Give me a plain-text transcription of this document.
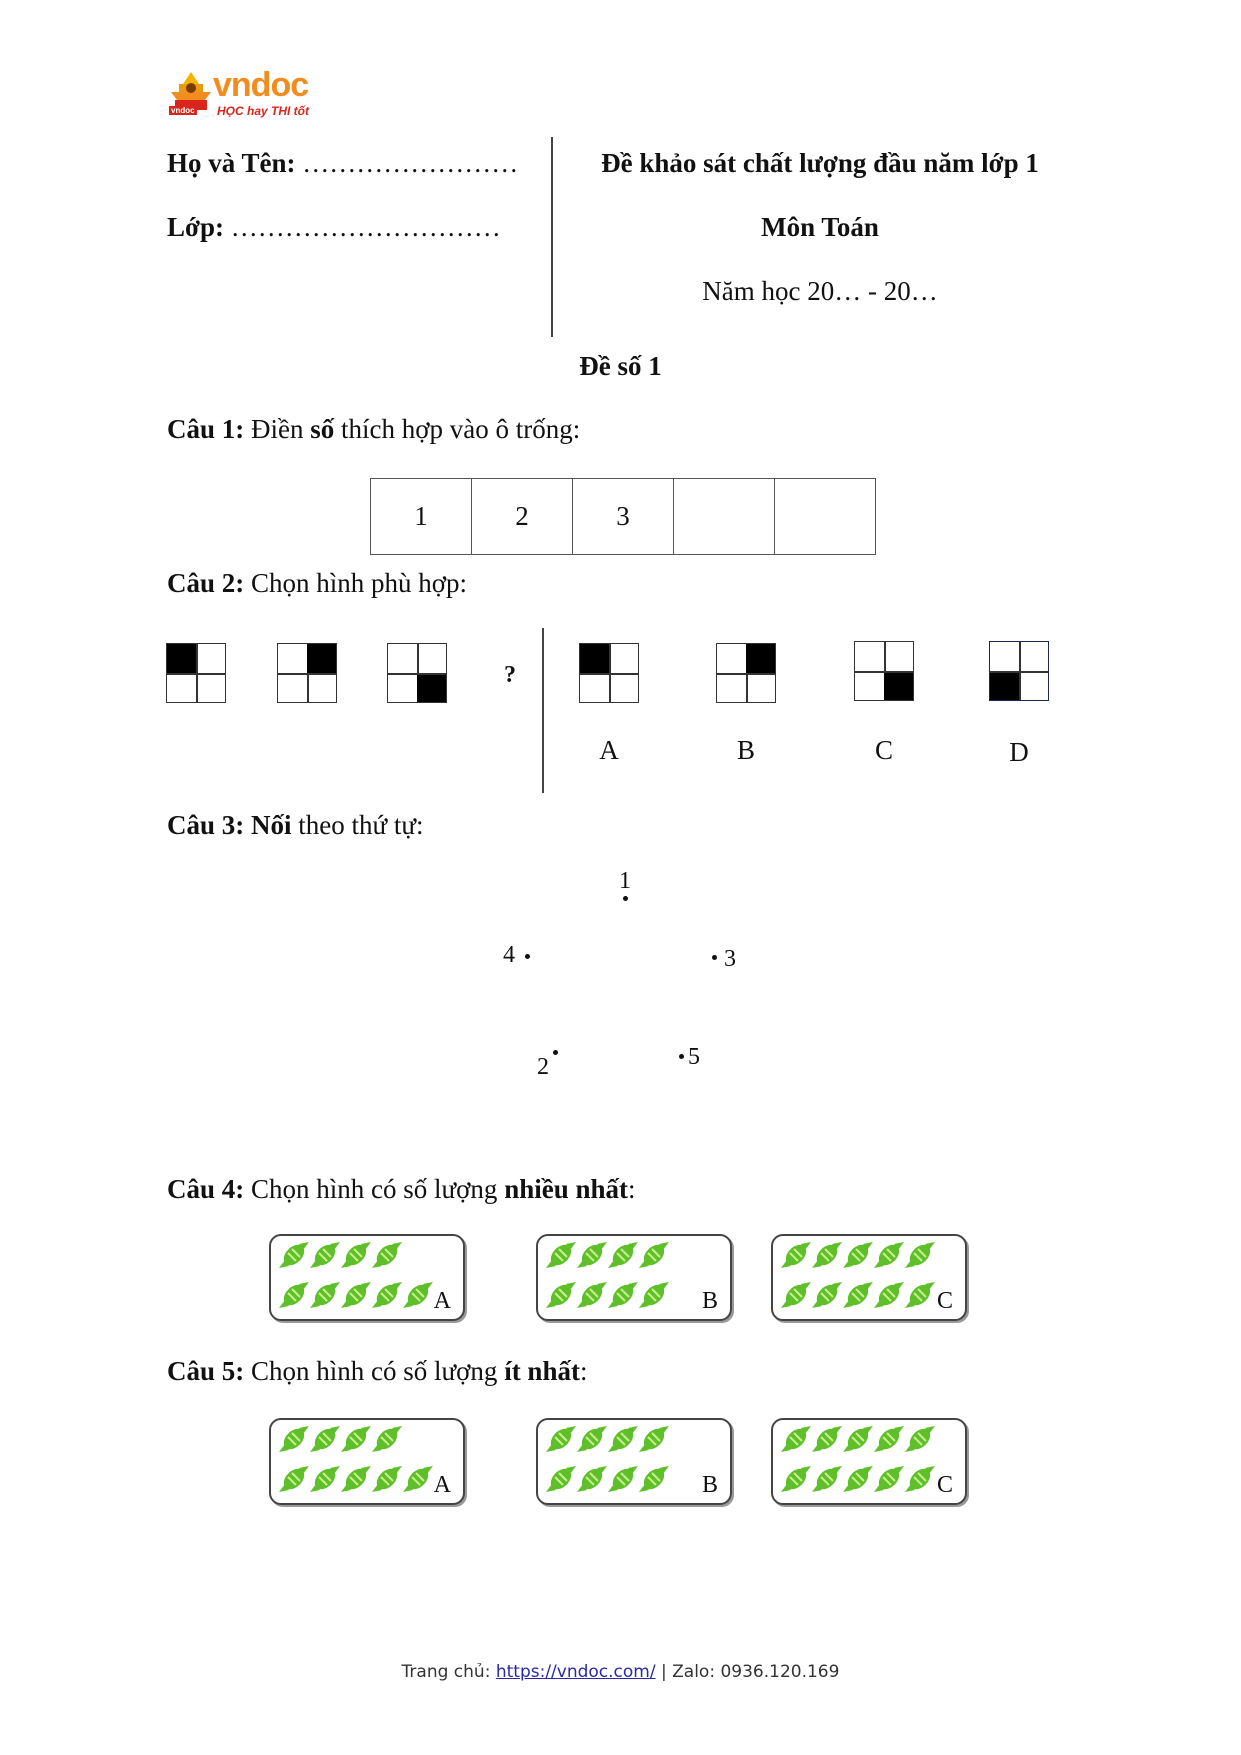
vndoc
vndoc
HỌC hay THI tốt
Họ và Tên: ……………………
Lớp: …………………………
Đề khảo sát chất lượng đầu năm lớp 1
Môn Toán
Năm học 20… - 20…
Đề số 1
Câu 1: Điền số thích hợp vào ô trống:
1	2	3		
Câu 2: Chọn hình phù hợp:
?
A	B	C	D
Câu 3: Nối theo thứ tự:
1
4	3
2	5
Câu 4: Chọn hình có số lượng nhiều nhất:
A	B	C
Câu 5: Chọn hình có số lượng ít nhất:
A	B	C
Trang chủ: https://vndoc.com/ | Zalo: 0936.120.169
